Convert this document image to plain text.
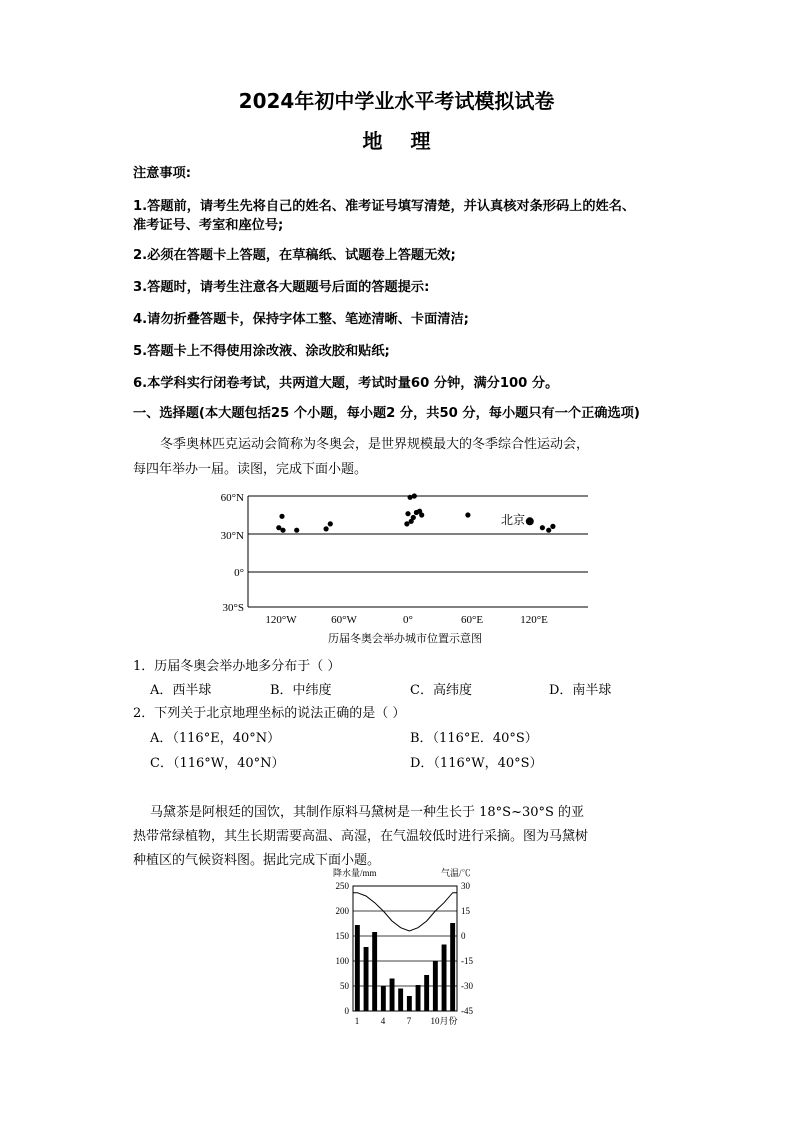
2024年初中学业水平考试模拟试卷
地理
注意事项:
1.答题前，请考生先将自己的姓名、准考证号填写清楚，并认真核对条形码上的姓名、
准考证号、考室和座位号;
2.必须在答题卡上答题，在草稿纸、试题卷上答题无效;
3.答题时，请考生注意各大题题号后面的答题提示:
4.请勿折叠答题卡，保持字体工整、笔迹清晰、卡面清洁;
5.答题卡上不得使用涂改液、涂改胶和贴纸;
6.本学科实行闭卷考试，共两道大题，考试时量60 分钟，满分100 分。
一、选择题(本大题包括25 个小题，每小题2 分，共50 分，每小题只有一个正确选项)
冬季奥林匹克运动会简称为冬奥会，是世界规模最大的冬季综合性运动会，
每四年举办一届。读图，完成下面小题。
60°N
30°N
0°
30°S
120°W	60°W	0°	60°E	120°E
北京
历届冬奥会举办城市位置示意图
1．历届冬奥会举办地多分布于（ ）
A．西半球	B．中纬度	C．高纬度	D．南半球
2．下列关于北京地理坐标的说法正确的是（ ）
A．（116°E，40°N）	B．（116°E．40°S）
C．（116°W，40°N）	D．（116°W，40°S）
马黛茶是阿根廷的国饮，其制作原料马黛树是一种生长于 18°S~30°S 的亚
热带常绿植物，其生长期需要高温、高湿，在气温较低时进行采摘。图为马黛树
种植区的气候资料图。据此完成下面小题。
降水量/mm	气温/℃
250
200
150
100
50
0
30
15
0
-15
-30
-45
1 4 7 10月份
